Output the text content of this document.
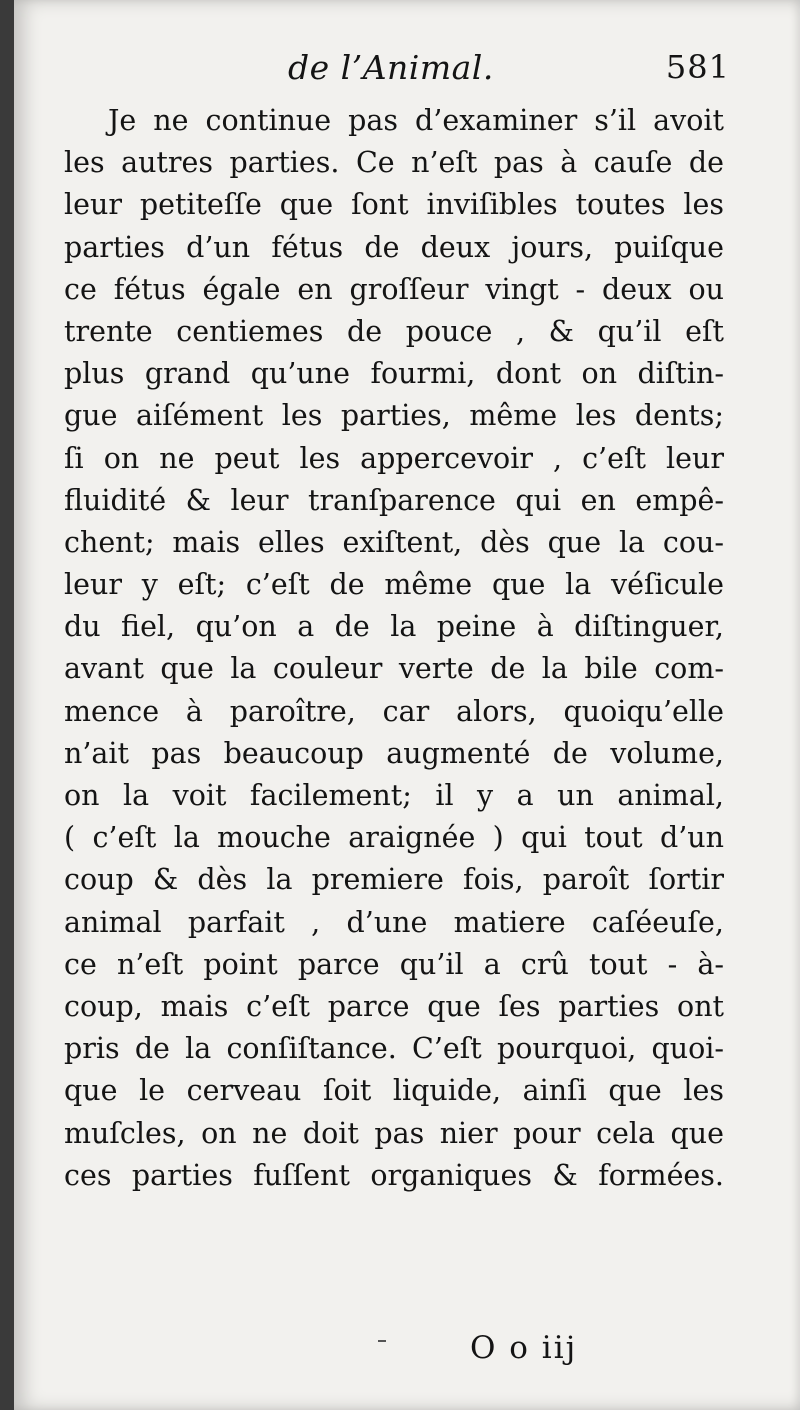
de l’Animal.	581
Je ne continue pas d’examiner s’il avoit
les autres parties. Ce n’eſt pas à cauſe de
leur petiteſſe que ſont inviſibles toutes les
parties d’un fétus de deux jours, puiſque
ce fétus égale en groſſeur vingt - deux ou
trente centiemes de pouce , & qu’il eſt
plus grand qu’une fourmi, dont on diſtin-
gue aiſément les parties, même les dents;
ſi on ne peut les appercevoir , c’eſt leur
fluidité & leur tranſparence qui en empê-
chent; mais elles exiſtent, dès que la cou-
leur y eſt; c’eſt de même que la véſicule
du fiel, qu’on a de la peine à diſtinguer,
avant que la couleur verte de la bile com-
mence à paroître, car alors, quoiqu’elle
n’ait pas beaucoup augmenté de volume,
on la voit facilement; il y a un animal,
( c’eſt la mouche araignée ) qui tout d’un
coup & dès la premiere fois, paroît ſortir
animal parfait , d’une matiere caſéeuſe,
ce n’eſt point parce qu’il a crû tout - à-
coup, mais c’eſt parce que ſes parties ont
pris de la conſiſtance. C’eſt pourquoi, quoi-
que le cerveau ſoit liquide, ainſi que les
muſcles, on ne doit pas nier pour cela que
ces parties fuſſent organiques & formées.
O o iij
